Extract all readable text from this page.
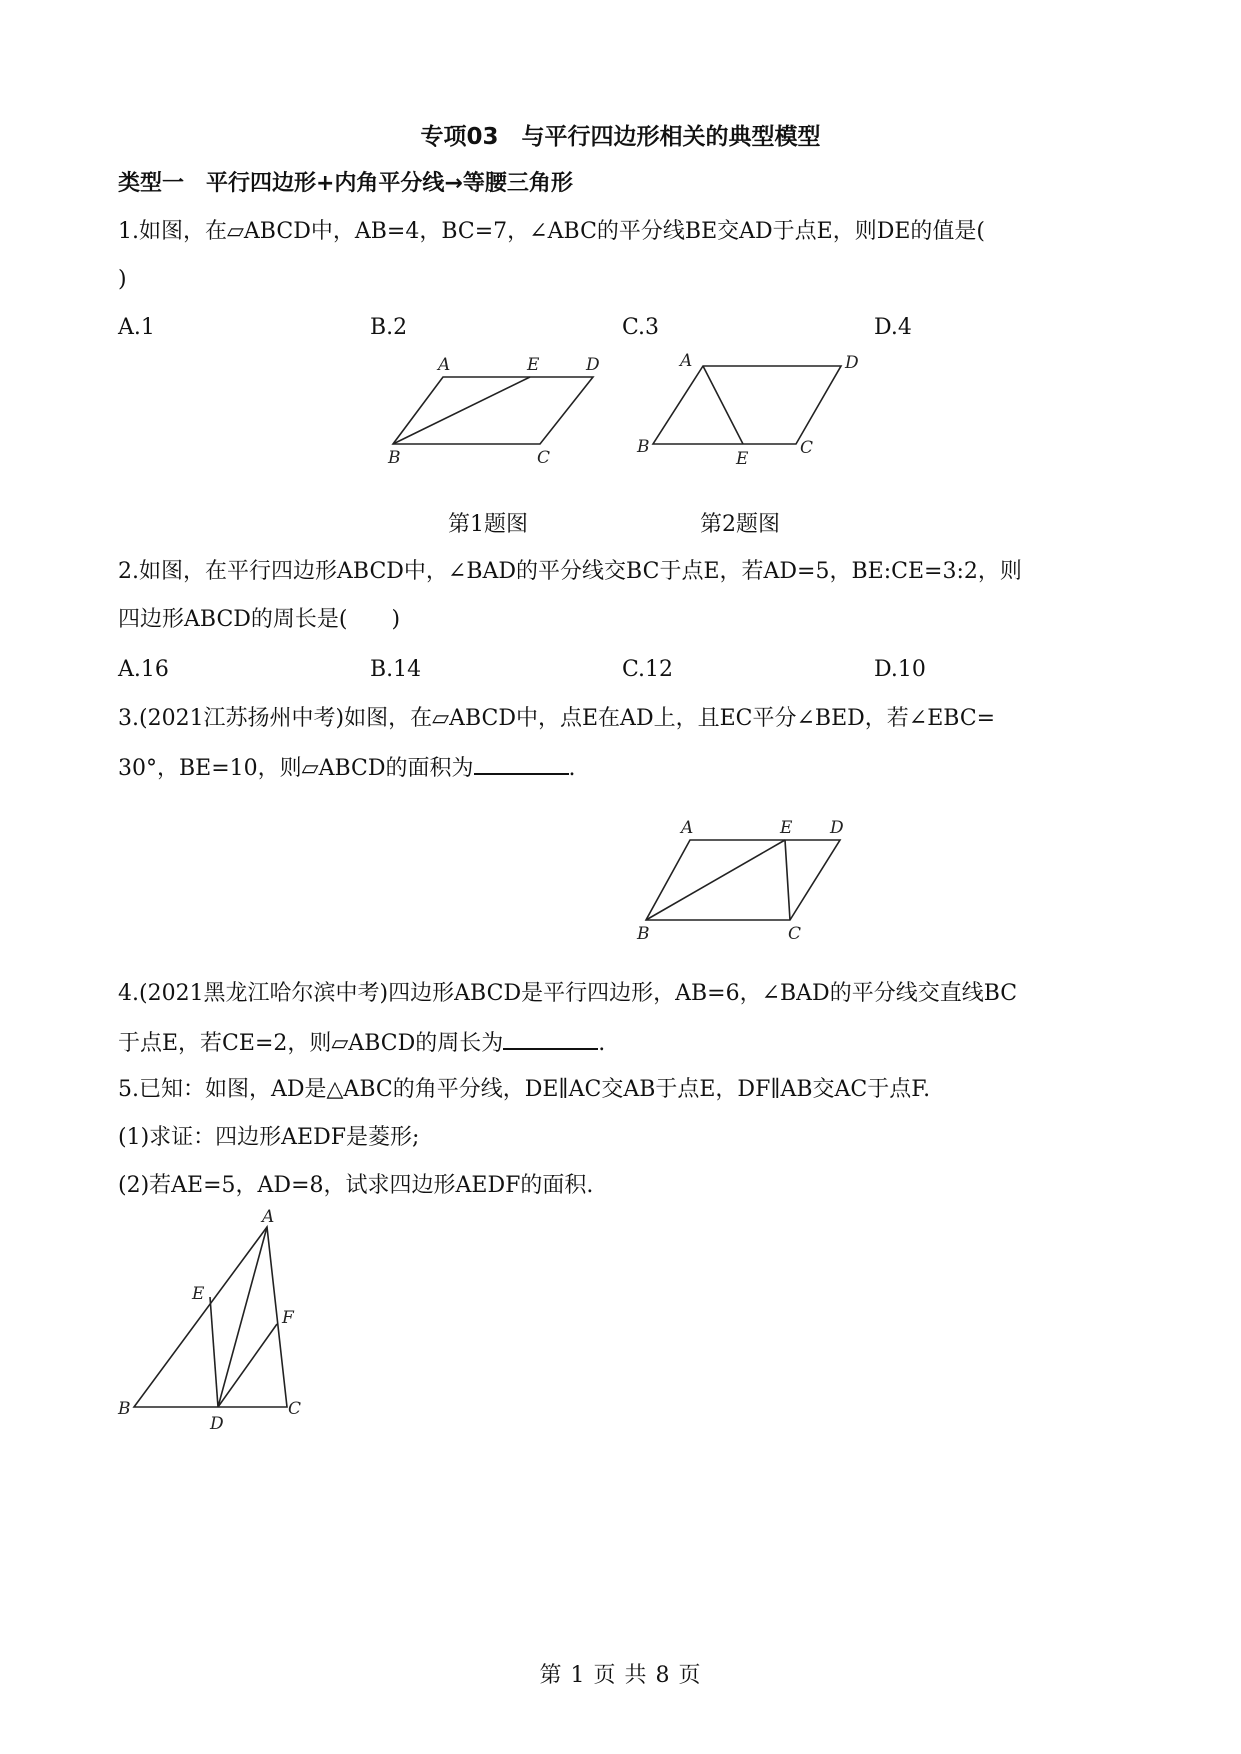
专项03　与平行四边形相关的典型模型
类型一　平行四边形+内角平分线→等腰三角形
1.如图，在▱ABCD中，AB=4，BC=7，∠ABC的平分线BE交AD于点E，则DE的值是(
)
A.1	B.2	C.3	D.4
A	E	D
B	C
A	D
B
E
C
第1题图	第2题图
2.如图，在平行四边形ABCD中，∠BAD的平分线交BC于点E，若AD=5，BE:CE=3:2，则
四边形ABCD的周长是(　　)
A.16	B.14	C.12	D.10
3.(2021江苏扬州中考)如图，在▱ABCD中，点E在AD上，且EC平分∠BED，若∠EBC=
30°，BE=10，则▱ABCD的面积为	.
A	E D
B	C
4.(2021黑龙江哈尔滨中考)四边形ABCD是平行四边形，AB=6，∠BAD的平分线交直线BC
于点E，若CE=2，则▱ABCD的周长为	.
5.已知：如图，AD是△ABC的角平分线，DE∥AC交AB于点E，DF∥AB交AC于点F.
(1)求证：四边形AEDF是菱形;
(2)若AE=5，AD=8，试求四边形AEDF的面积.
A
E
F
B
D
C
第 1 页 共 8 页
